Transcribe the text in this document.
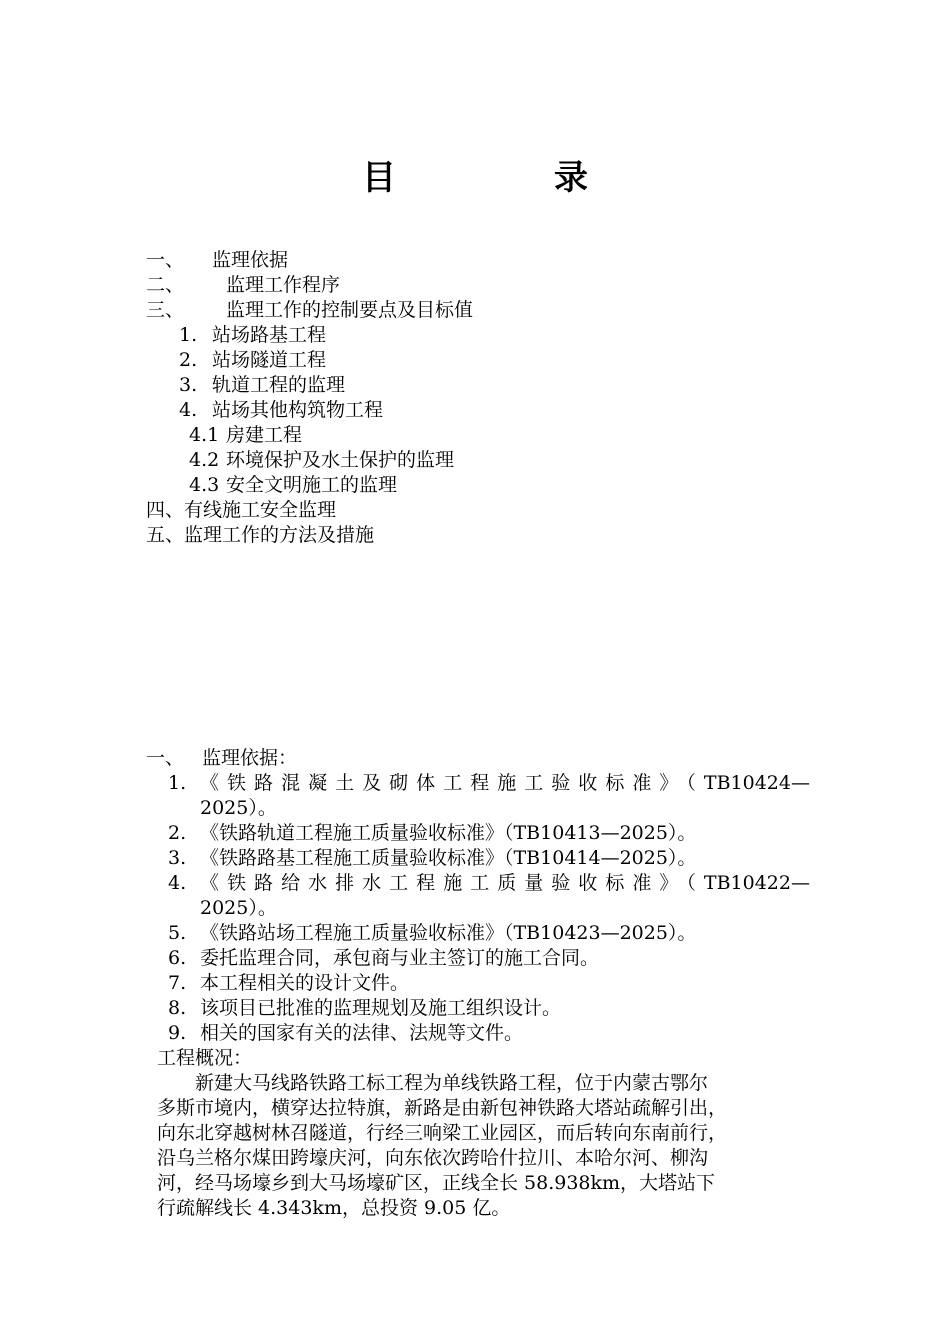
目　录
一、 监理依据
二、 监理工作程序
三、 监理工作的控制要点及目标值
1. 站场路基工程
2. 站场隧道工程
3. 轨道工程的监理
4. 站场其他构筑物工程
4.1 房建工程
4.2 环境保护及水土保护的监理
4.3 安全文明施工的监理
四、有线施工安全监理
五、监理工作的方法及措施
一、 监理依据：
1. 《铁路混凝土及砌体工程施工验收标准》（TB10424—
2025）。
2. 《铁路轨道工程施工质量验收标准》（TB10413—2025）。
3. 《铁路路基工程施工质量验收标准》（TB10414—2025）。
4. 《铁路给水排水工程施工质量验收标准》（TB10422—
2025）。
5. 《铁路站场工程施工质量验收标准》（TB10423—2025）。
6. 委托监理合同，承包商与业主签订的施工合同。
7. 本工程相关的设计文件。
8. 该项目已批准的监理规划及施工组织设计。
9. 相关的国家有关的法律、法规等文件。
工程概况：
　　新建大马线路铁路工标工程为单线铁路工程，位于内蒙古鄂尔
多斯市境内，横穿达拉特旗，新路是由新包神铁路大塔站疏解引出，
向东北穿越树林召隧道，行经三响梁工业园区，而后转向东南前行，
沿乌兰格尔煤田跨壕庆河，向东依次跨哈什拉川、本哈尔河、柳沟
河，经马场壕乡到大马场壕矿区，正线全长 58.938km，大塔站下
行疏解线长 4.343km，总投资 9.05 亿。
